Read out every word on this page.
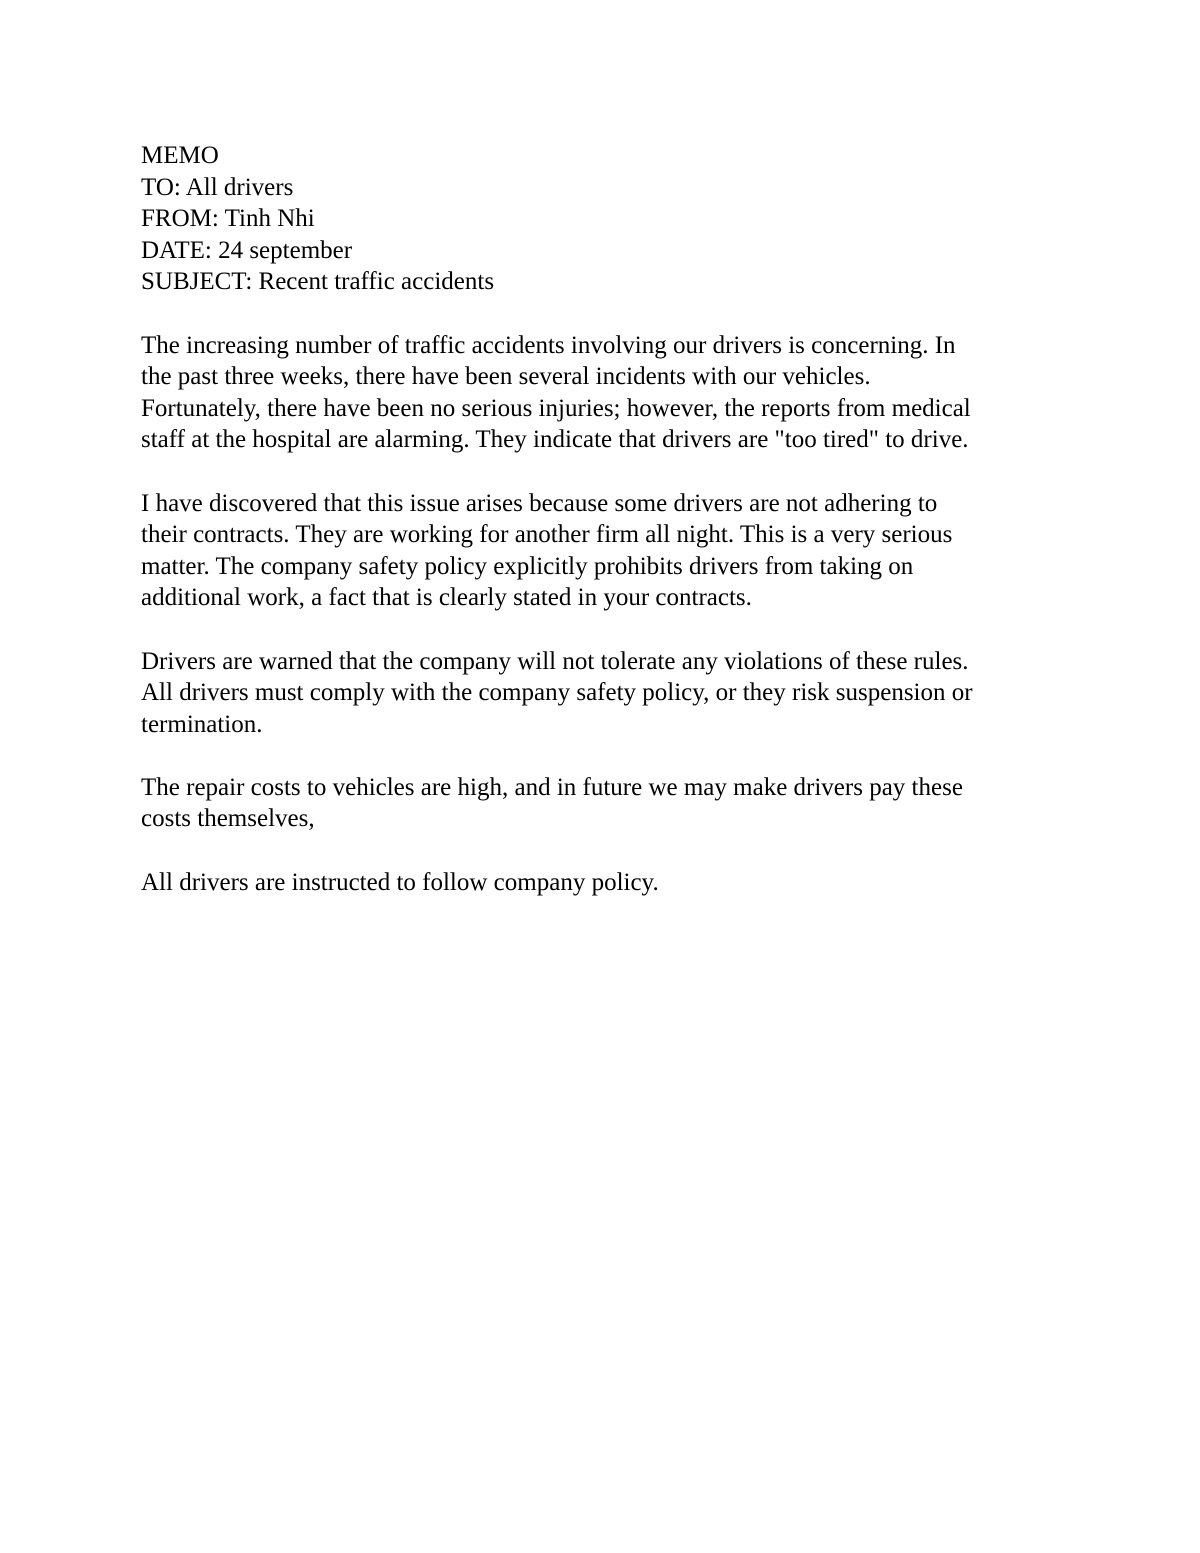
MEMO
TO: All drivers
FROM: Tinh Nhi
DATE: 24 september
SUBJECT: Recent traffic accidents
The increasing number of traffic accidents involving our drivers is concerning. In
the past three weeks, there have been several incidents with our vehicles.
Fortunately, there have been no serious injuries; however, the reports from medical
staff at the hospital are alarming. They indicate that drivers are "too tired" to drive.
I have discovered that this issue arises because some drivers are not adhering to
their contracts. They are working for another firm all night. This is a very serious
matter. The company safety policy explicitly prohibits drivers from taking on
additional work, a fact that is clearly stated in your contracts.
Drivers are warned that the company will not tolerate any violations of these rules.
All drivers must comply with the company safety policy, or they risk suspension or
termination.
The repair costs to vehicles are high, and in future we may make drivers pay these
costs themselves,
All drivers are instructed to follow company policy.
